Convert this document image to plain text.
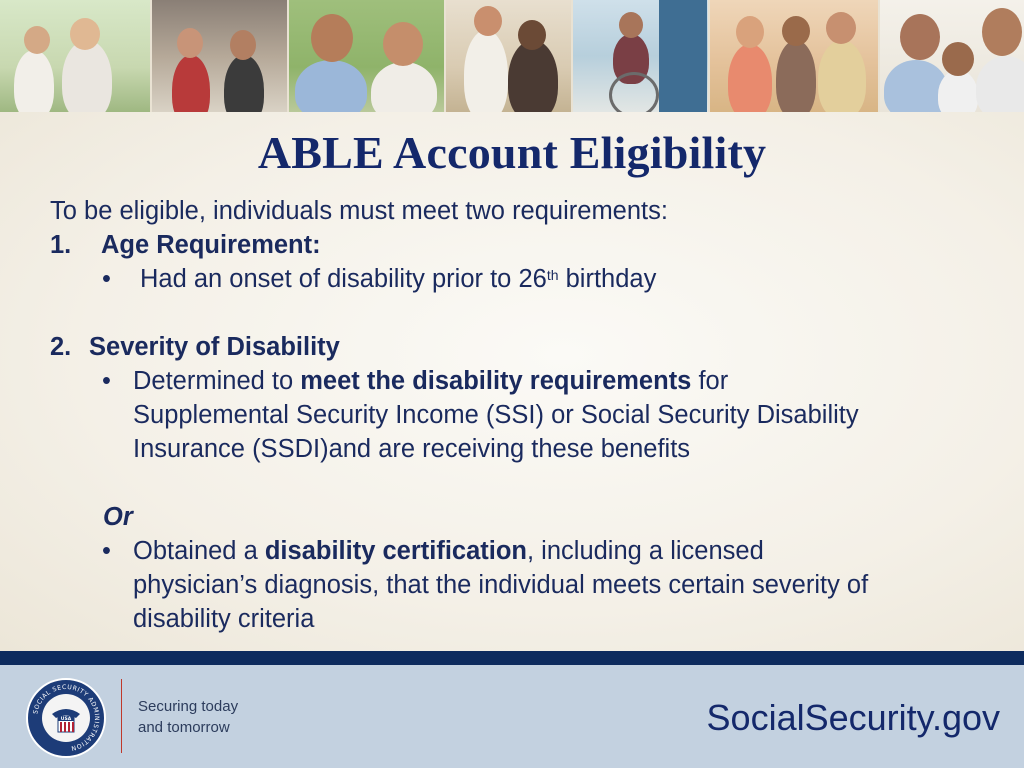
ABLE Account Eligibility
To be eligible, individuals must meet two requirements:
1. Age Requirement:
• Had an onset of disability prior to 26th birthday
2. Severity of Disability
• Determined to meet the disability requirements for
Supplemental Security Income (SSI) or Social Security Disability
Insurance (SSDI)and are receiving these benefits
Or
• Obtained a disability certification, including a licensed
physician’s diagnosis, that the individual meets certain severity of
disability criteria
SOCIAL SECURITY ADMINISTRATION
USA
Securing today
and tomorrow	SocialSecurity.gov
